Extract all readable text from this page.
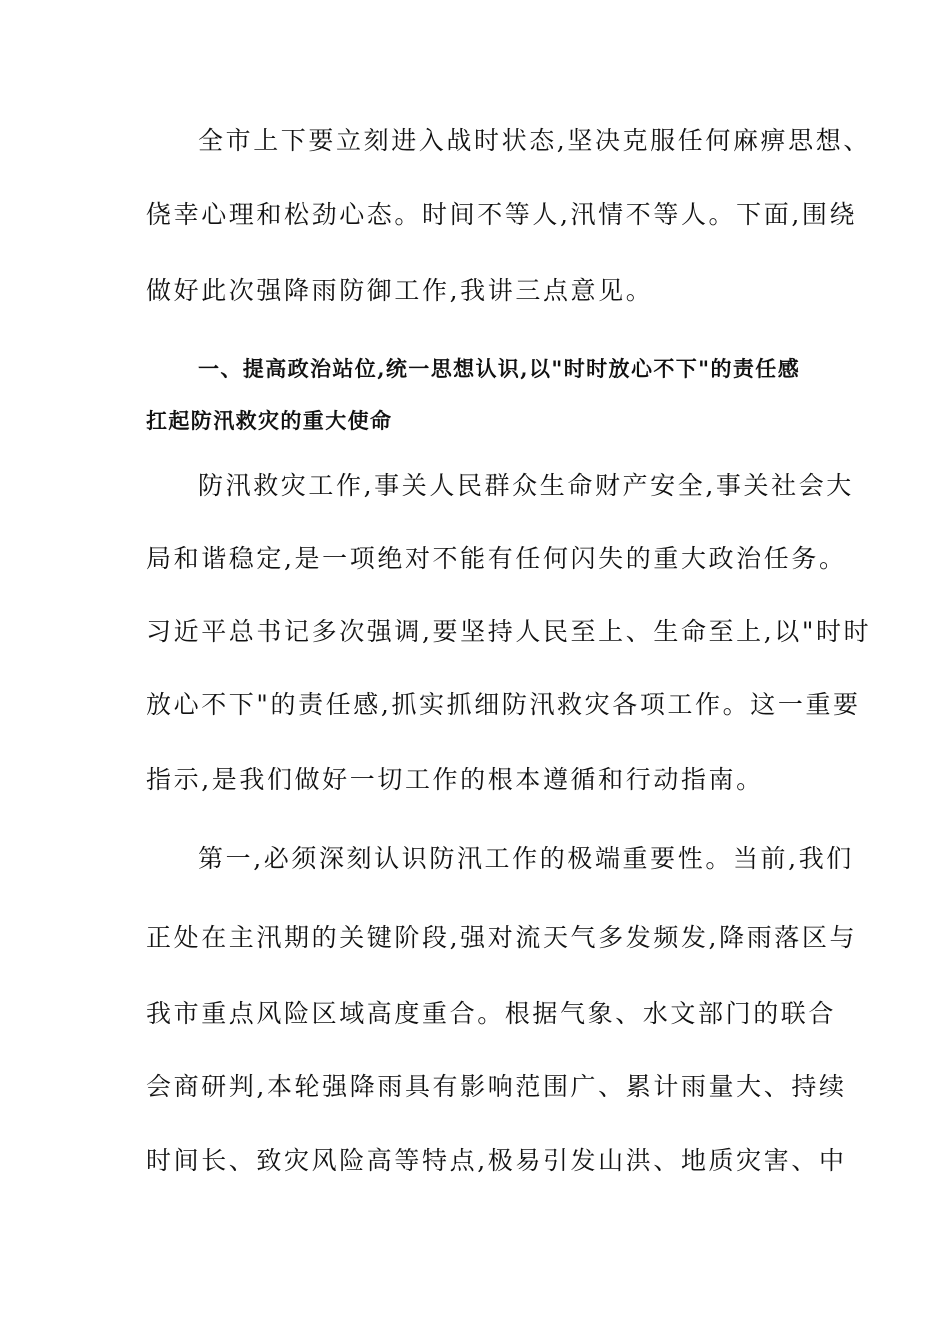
全市上下要立刻进入战时状态,坚决克服任何麻痹思想、
侥幸心理和松劲心态。时间不等人,汛情不等人。下面,围绕
做好此次强降雨防御工作,我讲三点意见。
一、提高政治站位,统一思想认识,以"时时放心不下"的责任感
扛起防汛救灾的重大使命
防汛救灾工作,事关人民群众生命财产安全,事关社会大
局和谐稳定,是一项绝对不能有任何闪失的重大政治任务。
习近平总书记多次强调,要坚持人民至上、生命至上,以"时时
放心不下"的责任感,抓实抓细防汛救灾各项工作。这一重要
指示,是我们做好一切工作的根本遵循和行动指南。
第一,必须深刻认识防汛工作的极端重要性。当前,我们
正处在主汛期的关键阶段,强对流天气多发频发,降雨落区与
我市重点风险区域高度重合。根据气象、水文部门的联合
会商研判,本轮强降雨具有影响范围广、累计雨量大、持续
时间长、致灾风险高等特点,极易引发山洪、地质灾害、中
